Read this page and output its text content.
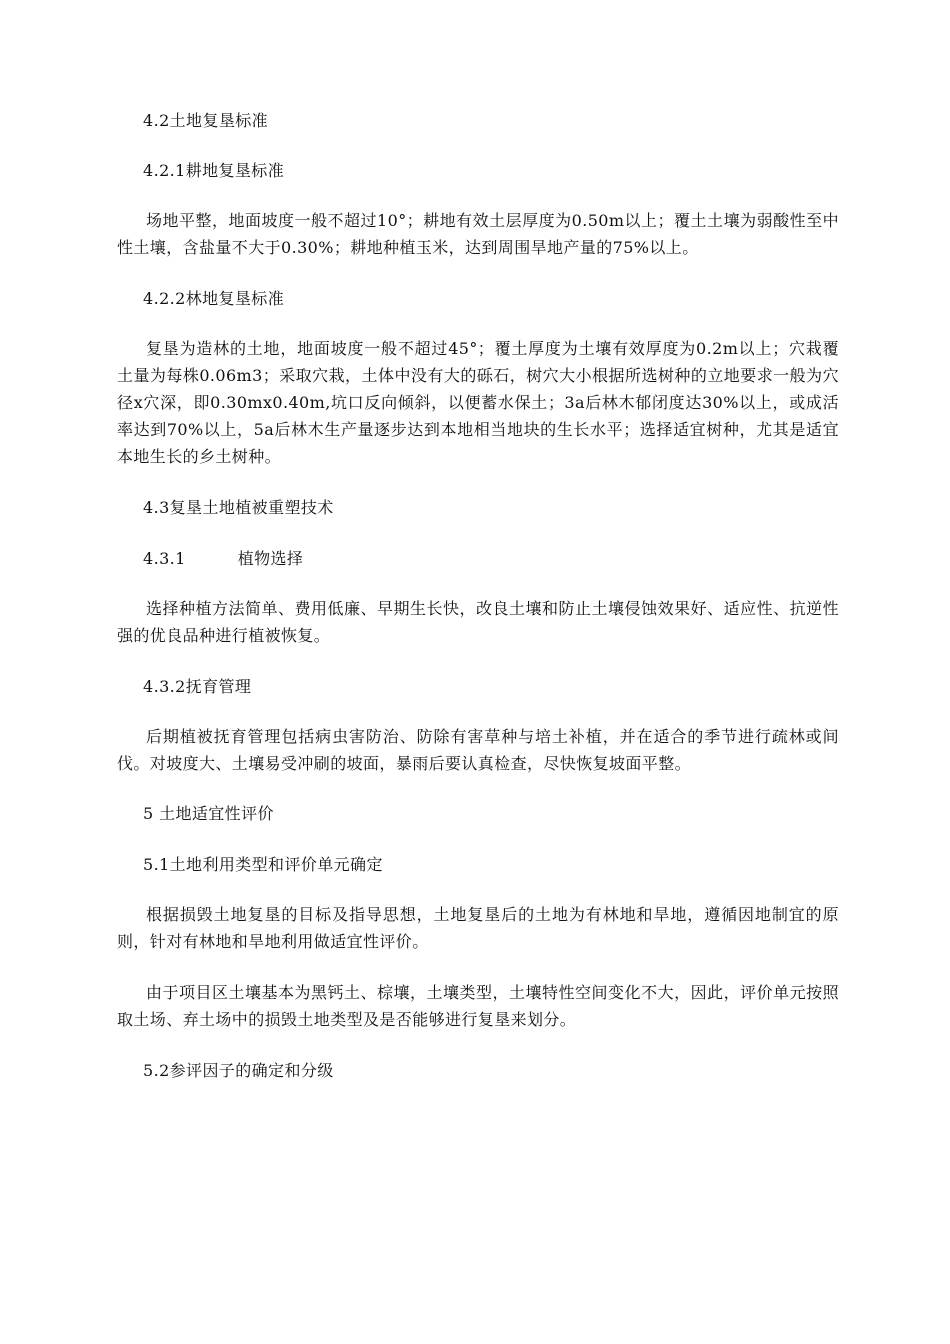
4.2土地复垦标准

4.2.1耕地复垦标准

场地平整，地面坡度一般不超过10°；耕地有效土层厚度为0.50m以上；覆土土壤为弱酸性至中性土壤，含盐量不大于0.30%；耕地种植玉米，达到周围旱地产量的75%以上。

4.2.2林地复垦标准

复垦为造林的土地，地面坡度一般不超过45°；覆土厚度为土壤有效厚度为0.2m以上；穴栽覆土量为每株0.06m3；采取穴栽，土体中没有大的砾石，树穴大小根据所选树种的立地要求一般为穴径x穴深，即0.30mx0.40m,坑口反向倾斜，以便蓄水保土；3a后林木郁闭度达30%以上，或成活率达到70%以上，5a后林木生产量逐步达到本地相当地块的生长水平；选择适宜树种，尤其是适宜本地生长的乡土树种。

4.3复垦土地植被重塑技术

4.3.1	植物选择

选择种植方法简单、费用低廉、早期生长快，改良土壤和防止土壤侵蚀效果好、适应性、抗逆性强的优良品种进行植被恢复。

4.3.2抚育管理

后期植被抚育管理包括病虫害防治、防除有害草种与培土补植，并在适合的季节进行疏林或间伐。对坡度大、土壤易受冲刷的坡面，暴雨后要认真检查，尽快恢复坡面平整。

5 土地适宜性评价

5.1土地利用类型和评价单元确定

根据损毁土地复垦的目标及指导思想，土地复垦后的土地为有林地和旱地，遵循因地制宜的原则，针对有林地和旱地利用做适宜性评价。

由于项目区土壤基本为黑钙土、棕壤，土壤类型，土壤特性空间变化不大，因此，评价单元按照取土场、弃土场中的损毁土地类型及是否能够进行复垦来划分。

5.2参评因子的确定和分级
